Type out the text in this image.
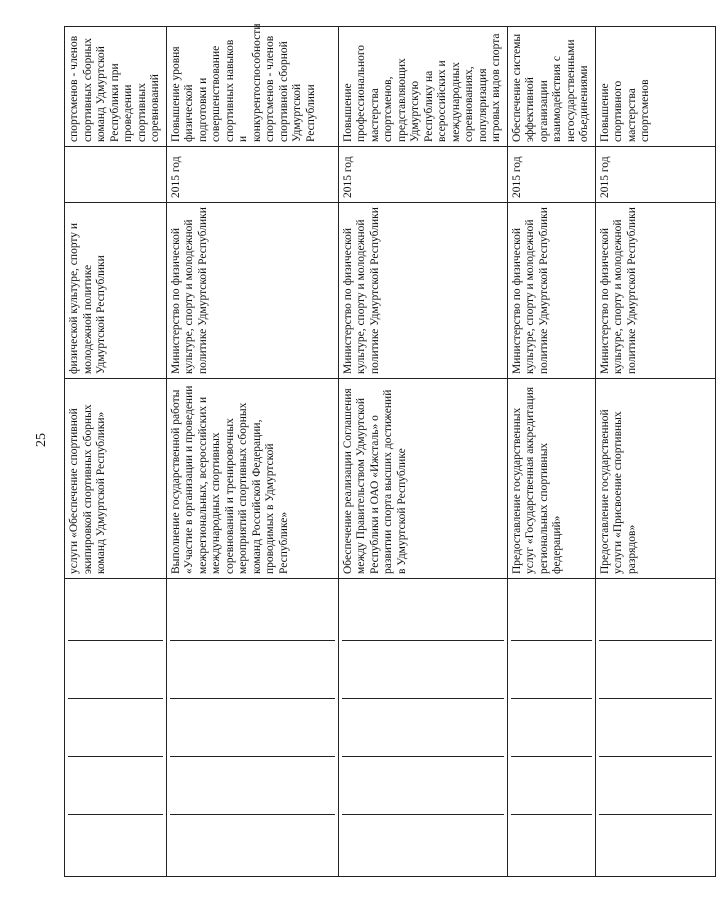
25

	услуги «Обеспечение спортивной экипировкой спортивных сборных команд Удмуртской Республики»	физической культуре, спорту и молодежной политике Удмуртской Республики		спортсменов - членов спортивных сборных команд Удмуртской Республики при проведении спортивных соревнований

	Выполнение государственной работы «Участие в организации и проведении межрегиональных, всероссийских и международных спортивных соревнований и тренировочных мероприятий спортивных сборных команд Российской Федерации, проводимых в Удмуртской Республике»	Министерство по физической культуре, спорту и молодежной политике Удмуртской Республики	2015 год	Повышение уровня физической подготовки и совершенствование спортивных навыков и конкурентоспособности спортсменов - членов спортивной сборной Удмуртской Республики

	Обеспечение реализации Соглашения между Правительством Удмуртской Республики и ОАО «Ижсталь» о развитии спорта высших достижений в Удмуртской Республике	Министерство по физической культуре, спорту и молодежной политике Удмуртской Республики	2015 год	Повышение профессионального мастерства спортсменов, представляющих Удмуртскую Республику на всероссийских и международных соревнованиях, популяризация игровых видов спорта

	Предоставление государственных услуг «Государственная аккредитация региональных спортивных федераций»	Министерство по физической культуре, спорту и молодежной политике Удмуртской Республики	2015 год	Обеспечение системы эффективной организации взаимодействия с негосударственными объединениями

	Предоставление государственной услуги «Присвоение спортивных разрядов»	Министерство по физической культуре, спорту и молодежной политике Удмуртской Республики	2015 год	Повышение спортивного мастерства спортсменов
